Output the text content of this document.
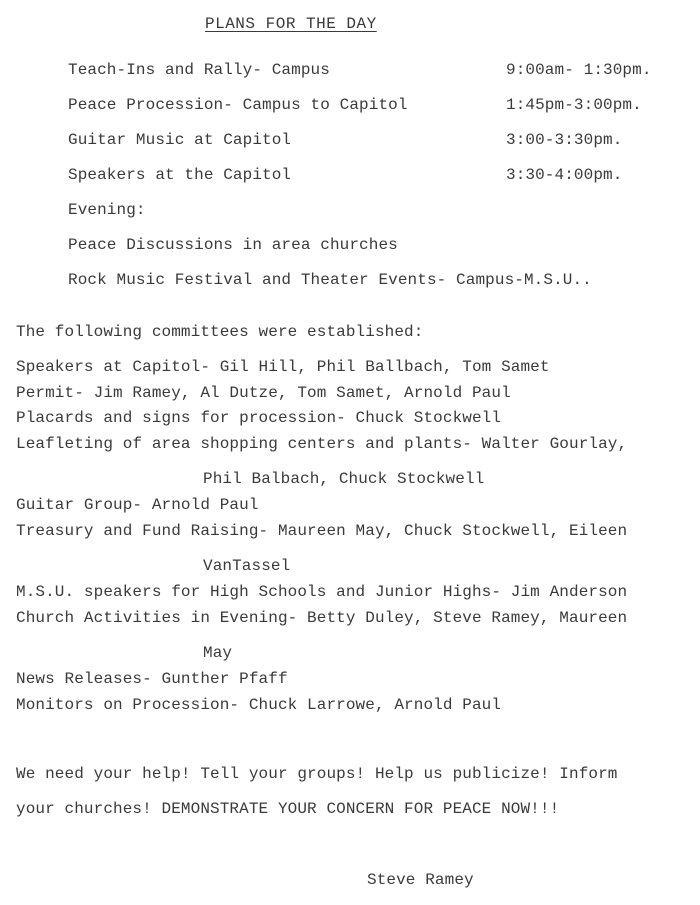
PLANS FOR THE DAY
Teach-Ins and Rally- Campus	9:00am- 1:30pm.
Peace Procession- Campus to Capitol	1:45pm-3:00pm.
Guitar Music at Capitol	3:00-3:30pm.
Speakers at the Capitol	3:30-4:00pm.
Evening:
Peace Discussions in area churches
Rock Music Festival and Theater Events- Campus-M.S.U..
The following committees were established:
Speakers at Capitol- Gil Hill, Phil Ballbach, Tom Samet
Permit- Jim Ramey, Al Dutze, Tom Samet, Arnold Paul
Placards and signs for procession- Chuck Stockwell
Leafleting of area shopping centers and plants- Walter Gourlay,
Phil Balbach, Chuck Stockwell
Guitar Group- Arnold Paul
Treasury and Fund Raising- Maureen May, Chuck Stockwell, Eileen
VanTassel
M.S.U. speakers for High Schools and Junior Highs- Jim Anderson
Church Activities in Evening- Betty Duley, Steve Ramey, Maureen
May
News Releases- Gunther Pfaff
Monitors on Procession- Chuck Larrowe, Arnold Paul
We need your help! Tell your groups! Help us publicize! Inform
your churches! DEMONSTRATE YOUR CONCERN FOR PEACE NOW!!!
Steve Ramey
